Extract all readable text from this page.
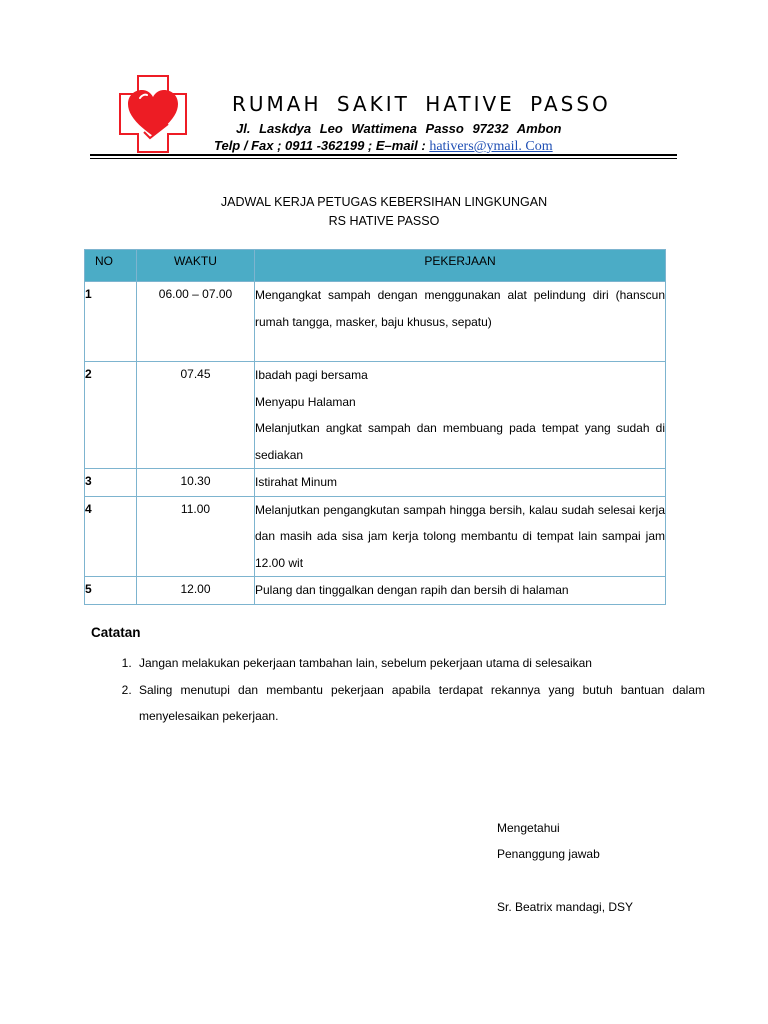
RUMAH SAKIT HATIVE PASSO
Jl. Laskdya Leo Wattimena Passo 97232 Ambon
Telp / Fax ; 0911 -362199 ; E–mail : hativers@ymail. Com
JADWAL KERJA PETUGAS KEBERSIHAN LINGKUNGAN
RS HATIVE PASSO
NO	WAKTU	PEKERJAAN
1	06.00 – 07.00	Mengangkat sampah dengan menggunakan alat pelindung diri (hanscun rumah tangga, masker, baju khusus, sepatu)

2	07.45	Ibadah pagi bersama
Menyapu Halaman
Melanjutkan angkat sampah dan membuang pada tempat yang sudah di sediakan

3	10.30	Istirahat Minum

4	11.00	Melanjutkan pengangkutan sampah hingga bersih, kalau sudah selesai kerja dan masih ada sisa jam kerja tolong membantu di tempat lain sampai jam 12.00 wit

5	12.00	Pulang dan tinggalkan dengan rapih dan bersih di halaman
Catatan
1. Jangan melakukan pekerjaan tambahan lain, sebelum pekerjaan utama di selesaikan
2. Saling menutupi dan membantu pekerjaan apabila terdapat rekannya yang butuh bantuan dalam menyelesaikan pekerjaan.
Mengetahui
Penanggung jawab
Sr. Beatrix mandagi, DSY
